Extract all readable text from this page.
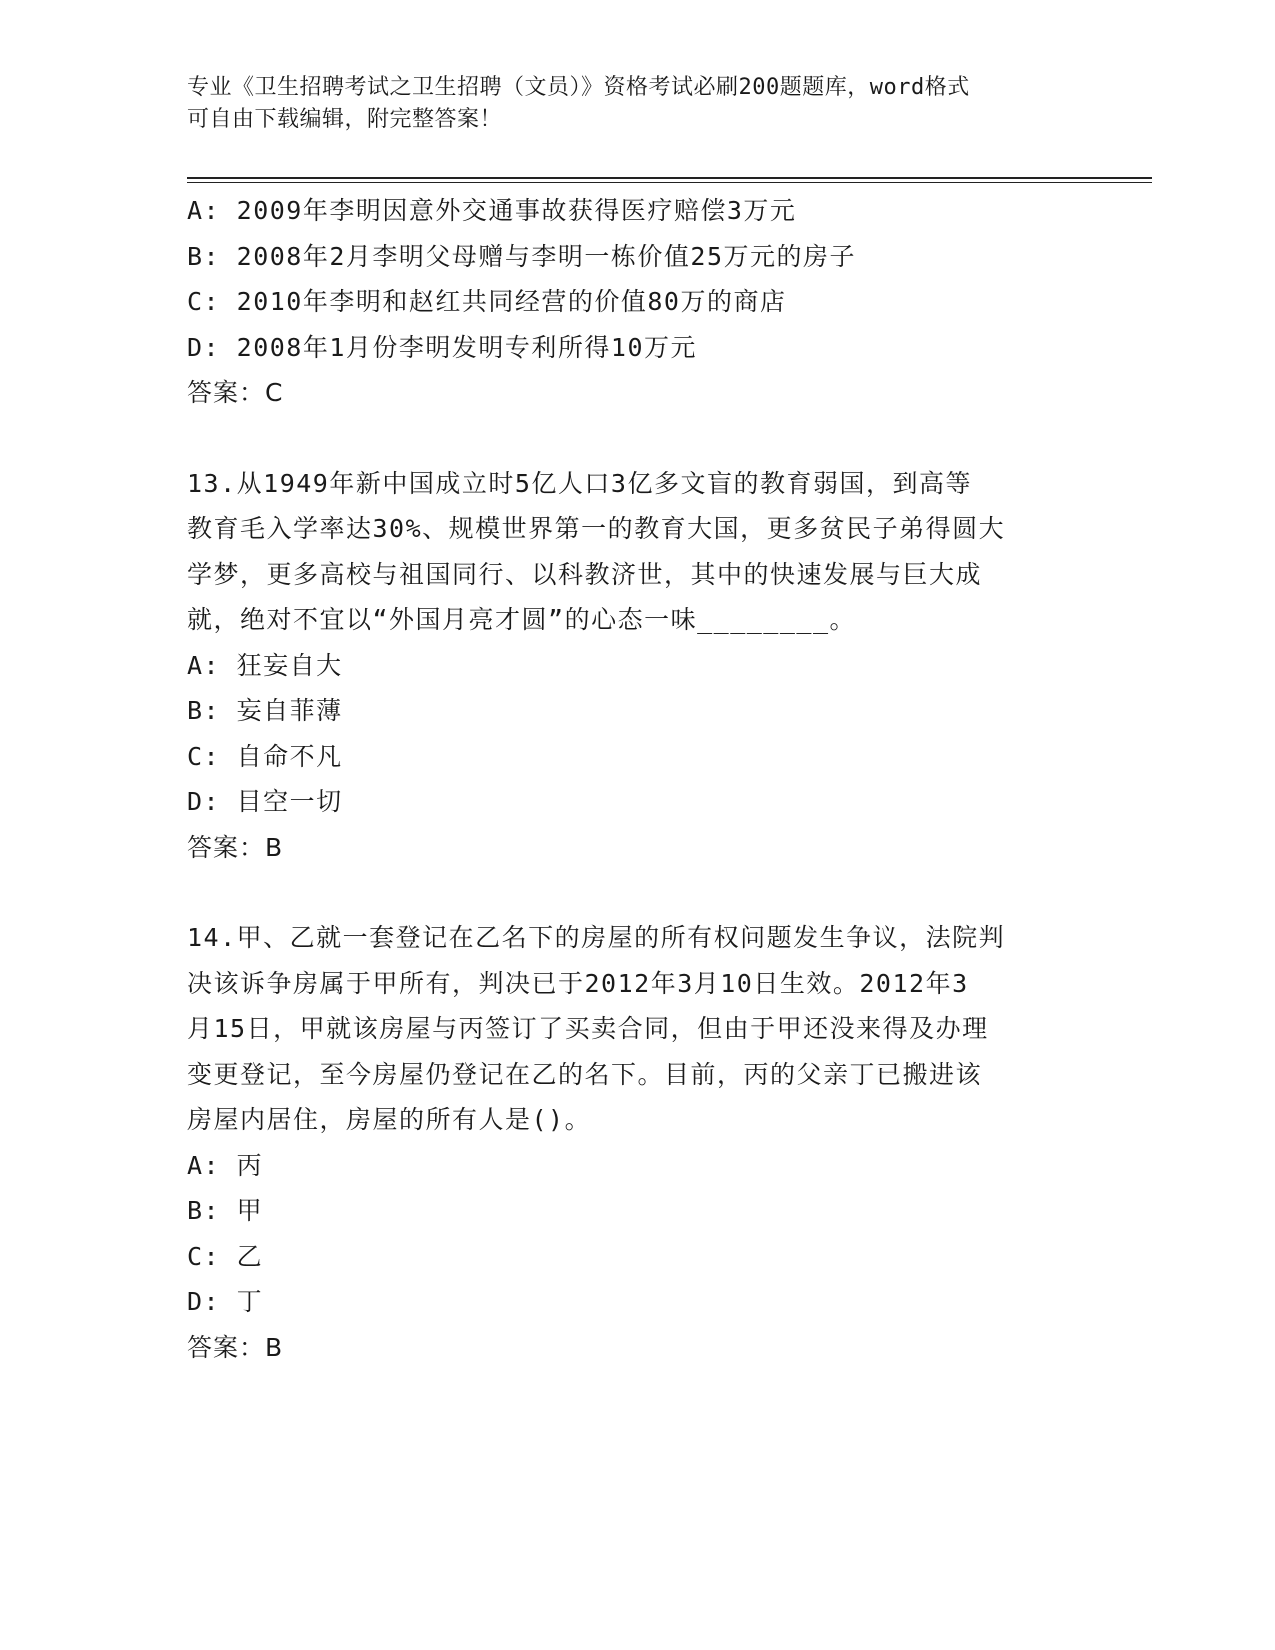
专业《卫生招聘考试之卫生招聘（文员）》资格考试必刷200题题库，word格式
可自由下载编辑，附完整答案！
A: 2009年李明因意外交通事故获得医疗赔偿3万元
B: 2008年2月李明父母赠与李明一栋价值25万元的房子
C: 2010年李明和赵红共同经营的价值80万的商店
D: 2008年1月份李明发明专利所得10万元
答案：C
13.从1949年新中国成立时5亿人口3亿多文盲的教育弱国，到高等
教育毛入学率达30%、规模世界第一的教育大国，更多贫民子弟得圆大
学梦，更多高校与祖国同行、以科教济世，其中的快速发展与巨大成
就，绝对不宜以“外国月亮才圆”的心态一味________。
A: 狂妄自大
B: 妄自菲薄
C: 自命不凡
D: 目空一切
答案：B
14.甲、乙就一套登记在乙名下的房屋的所有权问题发生争议，法院判
决该诉争房属于甲所有，判决已于2012年3月10日生效。2012年3
月15日，甲就该房屋与丙签订了买卖合同，但由于甲还没来得及办理
变更登记，至今房屋仍登记在乙的名下。目前，丙的父亲丁已搬进该
房屋内居住，房屋的所有人是()。
A: 丙
B: 甲
C: 乙
D: 丁
答案：B
